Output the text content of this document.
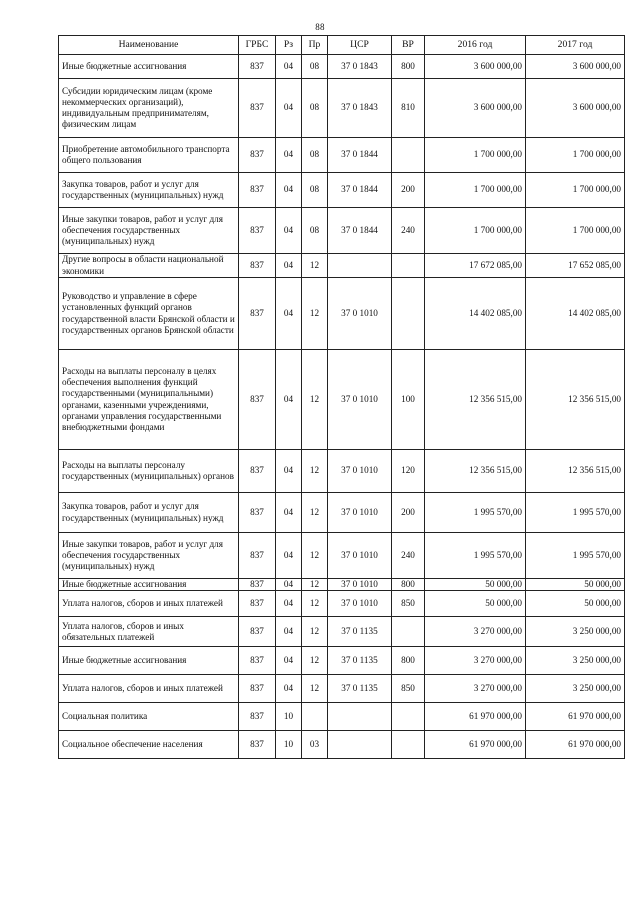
88
Наименование	ГРБС	Рз	Пр	ЦСР	ВР	2016 год	2017 год
Иные бюджетные ассигнования	837	04	08	37 0 1843	800	3 600 000,00	3 600 000,00
Субсидии юридическим лицам (кроме некоммерческих организаций), индивидуальным предпринимателям, физическим лицам	837	04	08	37 0 1843	810	3 600 000,00	3 600 000,00
Приобретение автомобильного транспорта общего пользования	837	04	08	37 0 1844		1 700 000,00	1 700 000,00
Закупка товаров, работ и услуг для государственных (муниципальных) нужд	837	04	08	37 0 1844	200	1 700 000,00	1 700 000,00
Иные закупки товаров, работ и услуг для обеспечения государственных (муниципальных) нужд	837	04	08	37 0 1844	240	1 700 000,00	1 700 000,00
Другие вопросы в области национальной экономики	837	04	12			17 672 085,00	17 652 085,00
Руководство и управление в сфере установленных функций органов государственной власти Брянской области и государственных органов Брянской области	837	04	12	37 0 1010		14 402 085,00	14 402 085,00
Расходы на выплаты персоналу в целях обеспечения выполнения функций государственными (муниципальными) органами, казенными учреждениями, органами управления государственными внебюджетными фондами	837	04	12	37 0 1010	100	12 356 515,00	12 356 515,00
Расходы на выплаты персоналу государственных (муниципальных) органов	837	04	12	37 0 1010	120	12 356 515,00	12 356 515,00
Закупка товаров, работ и услуг для государственных (муниципальных) нужд	837	04	12	37 0 1010	200	1 995 570,00	1 995 570,00
Иные закупки товаров, работ и услуг для обеспечения государственных (муниципальных) нужд	837	04	12	37 0 1010	240	1 995 570,00	1 995 570,00
Иные бюджетные ассигнования	837	04	12	37 0 1010	800	50 000,00	50 000,00
Уплата налогов, сборов и иных платежей	837	04	12	37 0 1010	850	50 000,00	50 000,00
Уплата налогов, сборов и иных обязательных платежей	837	04	12	37 0 1135		3 270 000,00	3 250 000,00
Иные бюджетные ассигнования	837	04	12	37 0 1135	800	3 270 000,00	3 250 000,00
Уплата налогов, сборов и иных платежей	837	04	12	37 0 1135	850	3 270 000,00	3 250 000,00
Социальная политика	837	10				61 970 000,00	61 970 000,00
Социальное обеспечение населения	837	10	03			61 970 000,00	61 970 000,00
